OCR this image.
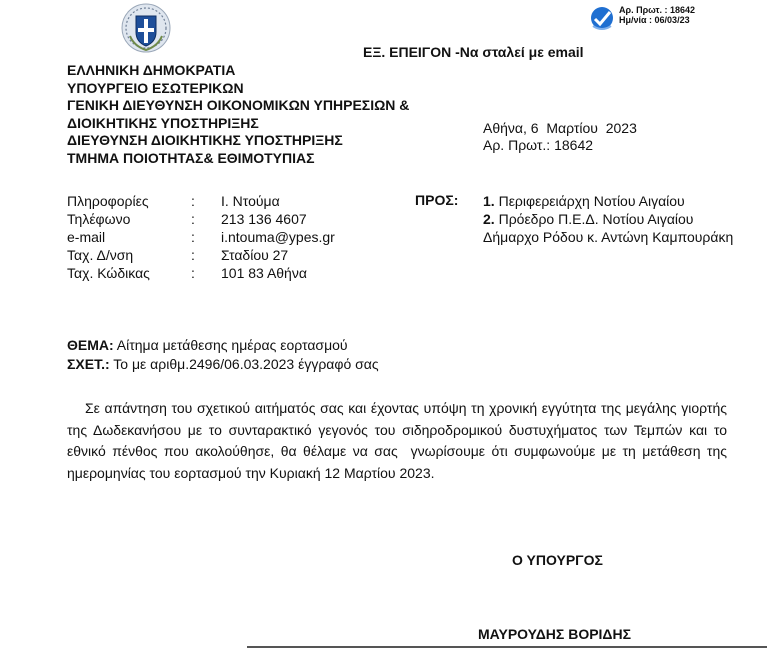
Αρ. Πρωτ. : 18642
Ημ/νία : 06/03/23
ΕΞ. ΕΠΕΙΓΟΝ -Να σταλεί με email
ΕΛΛΗΝΙΚΗ ΔΗΜΟΚΡΑΤΙΑ
ΥΠΟΥΡΓΕΙΟ ΕΣΩΤΕΡΙΚΩΝ
ΓΕΝΙΚΗ ΔΙΕΥΘΥΝΣΗ ΟΙΚΟΝΟΜΙΚΩΝ ΥΠΗΡΕΣΙΩΝ &
ΔΙΟΙΚΗΤΙΚΗΣ ΥΠΟΣΤΗΡΙΞΗΣ
ΔΙΕΥΘΥΝΣΗ ΔΙΟΙΚΗΤΙΚΗΣ ΥΠΟΣΤΗΡΙΞΗΣ
ΤΜΗΜΑ ΠΟΙΟΤΗΤΑΣ& ΕΘΙΜΟΤΥΠΙΑΣ
Αθήνα, 6  Μαρτίου  2023
Αρ. Πρωτ.: 18642
Πληροφορίες	:	Ι. Ντούμα
Τηλέφωνο	:	213 136 4607
e-mail	:	i.ntouma@ypes.gr
Ταχ. Δ/νση	:	Σταδίου 27
Ταχ. Κώδικας	:	101 83 Αθήνα
ΠΡΟΣ: 1. Περιφερειάρχη Νοτίου Αιγαίου
2. Πρόεδρο Π.Ε.Δ. Νοτίου Αιγαίου
Δήμαρχο Ρόδου κ. Αντώνη Καμπουράκη
ΘΕΜΑ: Αίτημα μετάθεσης ημέρας εορτασμού
ΣΧΕΤ.: Το με αριθμ.2496/06.03.2023 έγγραφό σας
Σε απάντηση του σχετικού αιτήματός σας και έχοντας υπόψη τη χρονική εγγύτητα της μεγάλης γιορτής της Δωδεκανήσου με το συνταρακτικό γεγονός του σιδηροδρομικού δυστυχήματος των Τεμπών και το εθνικό πένθος που ακολούθησε, θα θέλαμε να σας  γνωρίσουμε ότι συμφωνούμε με τη μετάθεση της ημερομηνίας του εορτασμού την Κυριακή 12 Μαρτίου 2023.
Ο ΥΠΟΥΡΓΟΣ
ΜΑΥΡΟΥΔΗΣ ΒΟΡΙΔΗΣ
